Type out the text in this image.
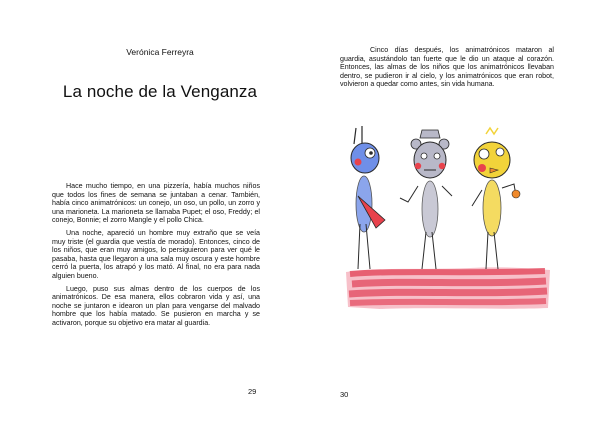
Verónica Ferreyra
La noche de la Venganza

Hace mucho tiempo, en una pizzería, había muchos niños que todos los fines de semana se juntaban a cenar. También, había cinco animatrónicos: un conejo, un oso, un pollo, un zorro y una marioneta. La marioneta se llamaba Pupet; el oso, Freddy; el conejo, Bonnie; el zorro Mangle y el pollo Chica.

Una noche, apareció un hombre muy extraño que se veía muy triste (el guardia que vestía de morado). Entonces, cinco de los niños, que eran muy amigos, lo persiguieron para ver qué le pasaba, hasta que llegaron a una sala muy oscura y este hombre cerró la puerta, los atrapó y los mató. Al final, no era para nada alguien bueno.

Luego, puso sus almas dentro de los cuerpos de los animatrónicos. De esa manera, ellos cobraron vida y así, una noche se juntaron e idearon un plan para vengarse del malvado hombre que los había matado. Se pusieron en marcha y se activaron, porque su objetivo era matar al guardia.

29

Cinco días después, los animatrónicos mataron al guardia, asustándolo tan fuerte que le dio un ataque al corazón. Entonces, las almas de los niños que los animatrónicos llevaban dentro, se pudieron ir al cielo, y los animatrónicos que eran robot, volvieron a quedar como antes, sin vida humana.

30
